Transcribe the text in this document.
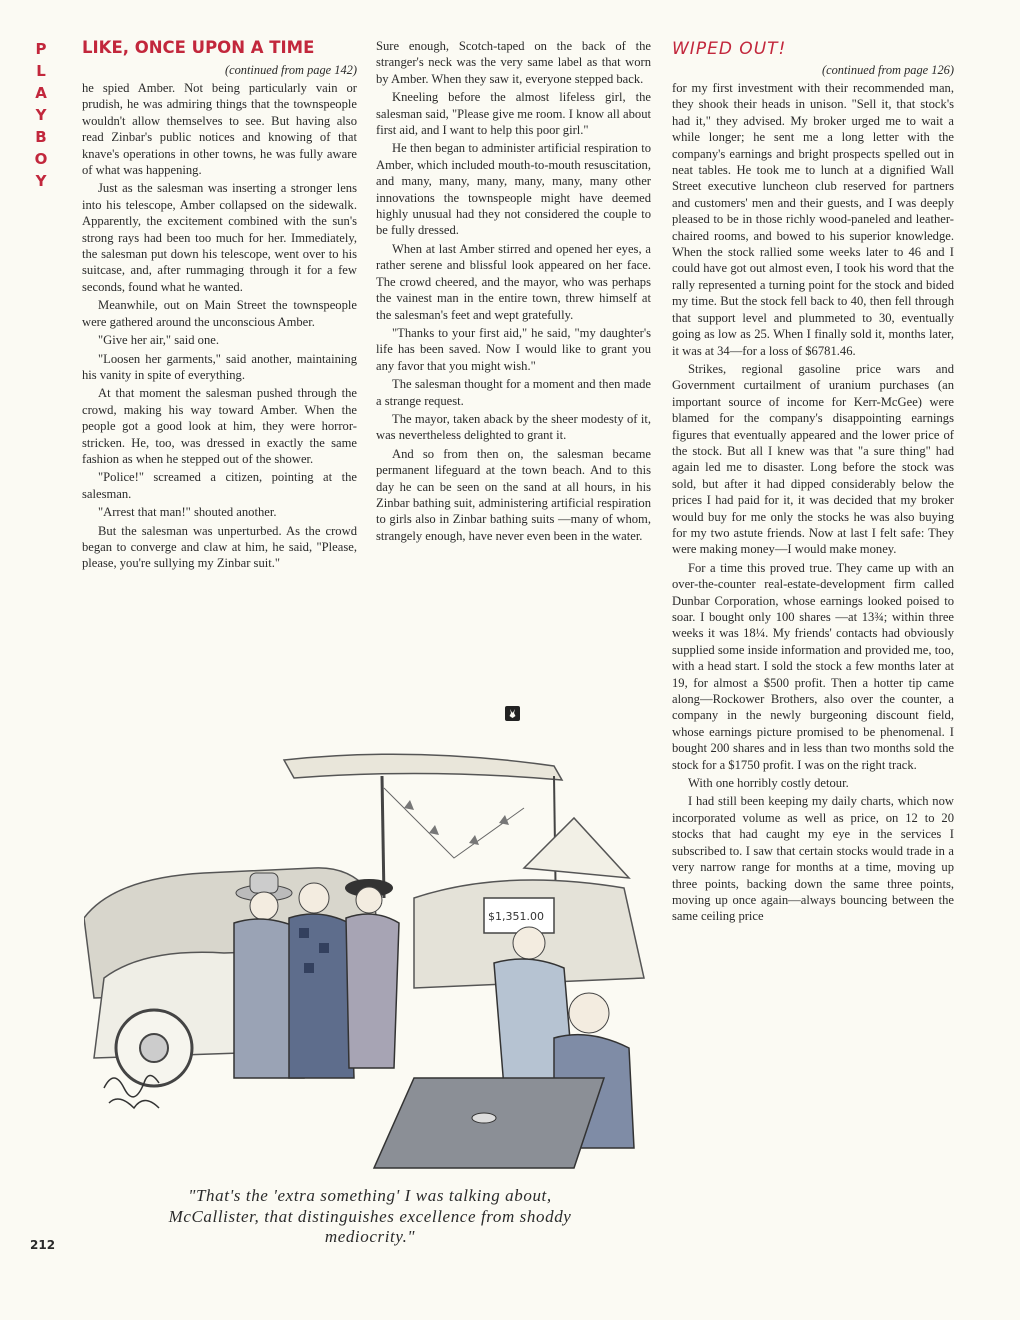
P
L
A
Y
B
O
Y
LIKE, ONCE UPON A TIME
(continued from page 142)

he spied Amber. Not being particularly vain or prudish, he was admiring things that the townspeople wouldn't allow themselves to see. But having also read Zinbar's public notices and knowing of that knave's operations in other towns, he was fully aware of what was happening.

Just as the salesman was inserting a stronger lens into his telescope, Amber collapsed on the sidewalk. Apparently, the excitement combined with the sun's strong rays had been too much for her. Immediately, the salesman put down his telescope, went over to his suitcase, and, after rummaging through it for a few seconds, found what he wanted.

Meanwhile, out on Main Street the townspeople were gathered around the unconscious Amber.

"Give her air," said one.

"Loosen her garments," said another, maintaining his vanity in spite of everything.

At that moment the salesman pushed through the crowd, making his way toward Amber. When the people got a good look at him, they were horror-stricken. He, too, was dressed in exactly the same fashion as when he stepped out of the shower.

"Police!" screamed a citizen, pointing at the salesman.

"Arrest that man!" shouted another.

But the salesman was unperturbed. As the crowd began to converge and claw at him, he said, "Please, please, you're sullying my Zinbar suit."

Sure enough, Scotch-taped on the back of the stranger's neck was the very same label as that worn by Amber. When they saw it, everyone stepped back.

Kneeling before the almost lifeless girl, the salesman said, "Please give me room. I know all about first aid, and I want to help this poor girl."

He then began to administer artificial respiration to Amber, which included mouth-to-mouth resuscitation, and many, many, many, many, many, many other innovations the townspeople might have deemed highly unusual had they not considered the couple to be fully dressed.

When at last Amber stirred and opened her eyes, a rather serene and blissful look appeared on her face. The crowd cheered, and the mayor, who was perhaps the vainest man in the entire town, threw himself at the salesman's feet and wept gratefully.

"Thanks to your first aid," he said, "my daughter's life has been saved. Now I would like to grant you any favor that you might wish."

The salesman thought for a moment and then made a strange request.

The mayor, taken aback by the sheer modesty of it, was nevertheless delighted to grant it.

And so from then on, the salesman became permanent lifeguard at the town beach. And to this day he can be seen on the sand at all hours, in his Zinbar bathing suit, administering artificial respiration to girls also in Zinbar bathing suits —many of whom, strangely enough, have never even been in the water.

WIPED OUT!
(continued from page 126)

for my first investment with their recommended man, they shook their heads in unison. "Sell it, that stock's had it," they advised. My broker urged me to wait a while longer; he sent me a long letter with the company's earnings and bright prospects spelled out in neat tables. He took me to lunch at a dignified Wall Street executive luncheon club reserved for partners and customers' men and their guests, and I was deeply pleased to be in those richly wood-paneled and leather-chaired rooms, and bowed to his superior knowledge. When the stock rallied some weeks later to 46 and I could have got out almost even, I took his word that the rally represented a turning point for the stock and bided my time. But the stock fell back to 40, then fell through that support level and plummeted to 30, eventually going as low as 25. When I finally sold it, months later, it was at 34—for a loss of $6781.46.

Strikes, regional gasoline price wars and Government curtailment of uranium purchases (an important source of income for Kerr-McGee) were blamed for the company's disappointing earnings figures that eventually appeared and the lower price of the stock. But all I knew was that "a sure thing" had again led me to disaster. Long before the stock was sold, but after it had dipped considerably below the prices I had paid for it, it was decided that my broker would buy for me only the stocks he was also buying for my two astute friends. Now at last I felt safe: They were making money—I would make money.

For a time this proved true. They came up with an over-the-counter real-estate-development firm called Dunbar Corporation, whose earnings looked poised to soar. I bought only 100 shares —at 13¾; within three weeks it was 18¼. My friends' contacts had obviously supplied some inside information and provided me, too, with a head start. I sold the stock a few months later at 19, for almost a $500 profit. Then a hotter tip came along—Rockower Brothers, also over the counter, a company in the newly burgeoning discount field, whose earnings picture promised to be phenomenal. I bought 200 shares and in less than two months sold the stock for a $1750 profit. I was on the right track.

With one horribly costly detour.

I had still been keeping my daily charts, which now incorporated volume as well as price, on 12 to 20 stocks that had caught my eye in the services I subscribed to. I saw that certain stocks would trade in a very narrow range for months at a time, moving up three points, backing down the same three points, moving up once again—always bouncing between the same ceiling price

$1,351.00
"That's the 'extra something' I was talking about, McCallister, that distinguishes excellence from shoddy mediocrity."
212
